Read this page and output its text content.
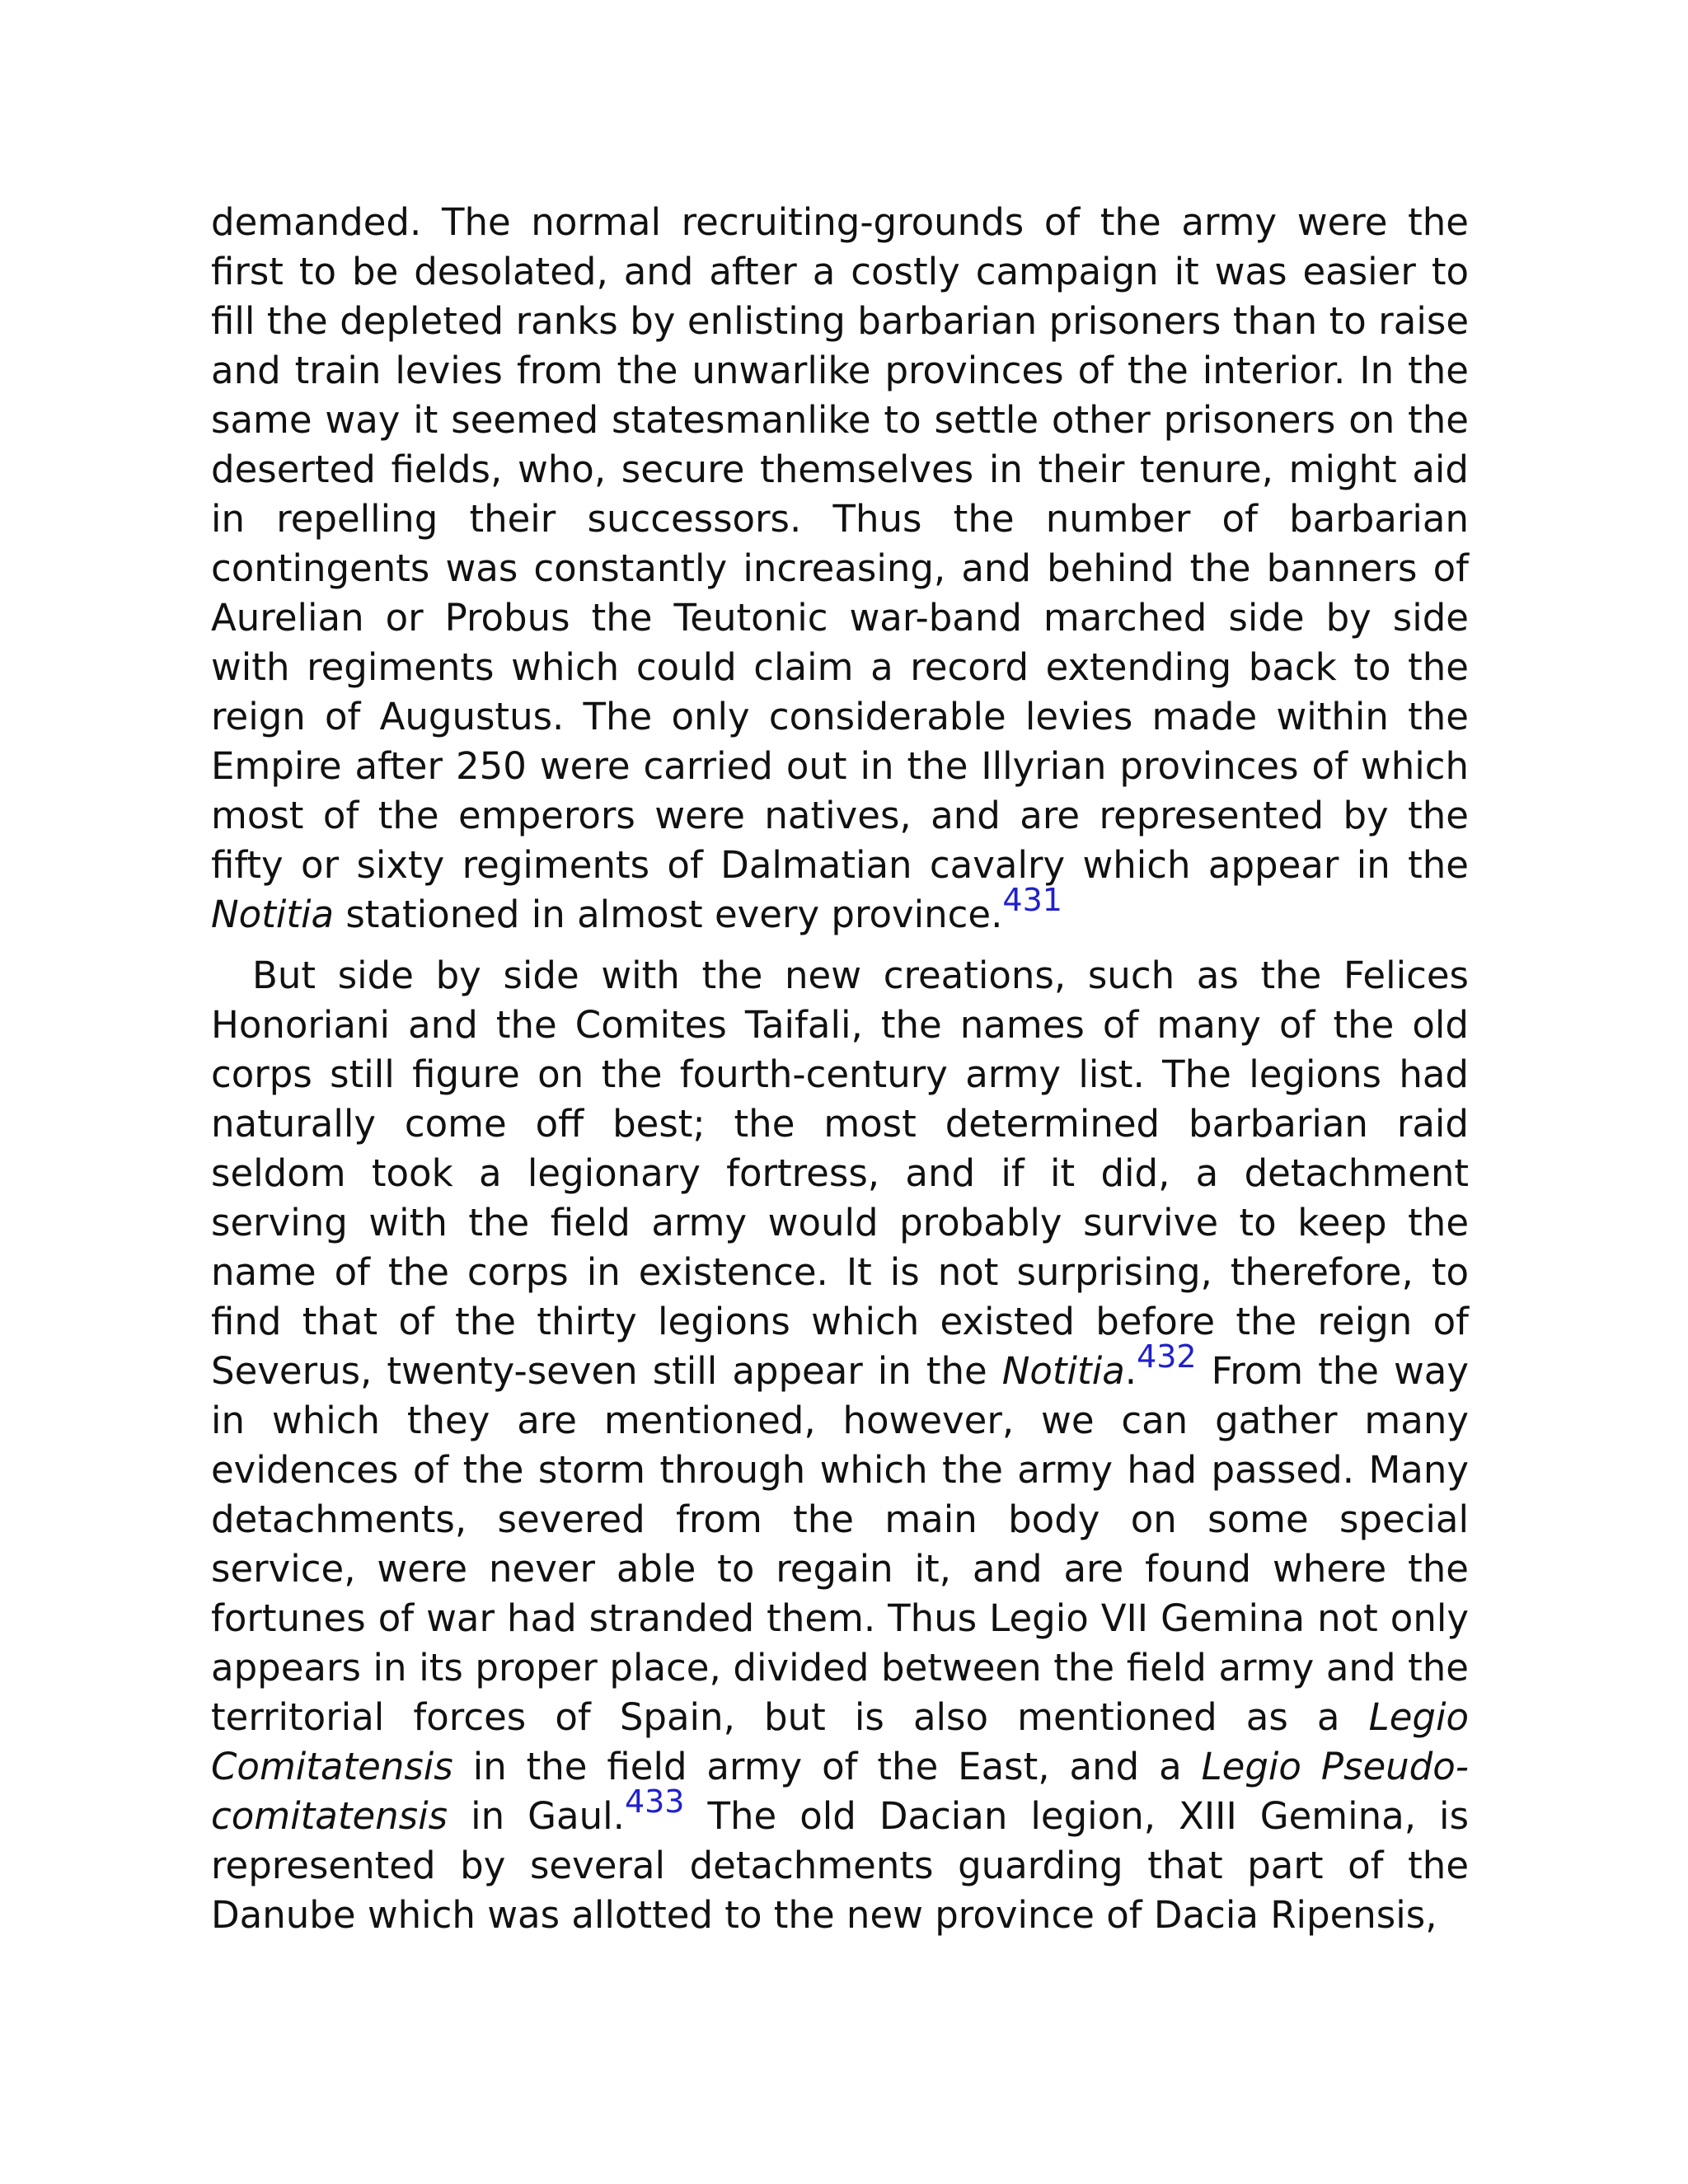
demanded. The normal recruiting-grounds of the army were the first to be desolated, and after a costly campaign it was easier to fill the depleted ranks by enlisting barbarian prisoners than to raise and train levies from the unwarlike provinces of the interior. In the same way it seemed statesmanlike to settle other prisoners on the deserted fields, who, secure themselves in their tenure, might aid in repelling their successors. Thus the number of barbarian contingents was constantly increasing, and behind the banners of Aurelian or Probus the Teutonic war-band marched side by side with regiments which could claim a record extending back to the reign of Augustus. The only considerable levies made within the Empire after 250 were carried out in the Illyrian provinces of which most of the emperors were natives, and are represented by the fifty or sixty regiments of Dalmatian cavalry which appear in the Notitia stationed in almost every province.$^{431}$

But side by side with the new creations, such as the Felices Honoriani and the Comites Taifali, the names of many of the old corps still figure on the fourth-century army list. The legions had naturally come off best; the most determined barbarian raid seldom took a legionary fortress, and if it did, a detachment serving with the field army would probably survive to keep the name of the corps in existence. It is not surprising, therefore, to find that of the thirty legions which existed before the reign of Severus, twenty-seven still appear in the Notitia.$^{432}$ From the way in which they are mentioned, however, we can gather many evidences of the storm through which the army had passed. Many detachments, severed from the main body on some special service, were never able to regain it, and are found where the fortunes of war had stranded them. Thus Legio VII Gemina not only appears in its proper place, divided between the field army and the territorial forces of Spain, but is also mentioned as a Legio Comitatensis in the field army of the East, and a Legio Pseudo-comitatensis in Gaul.$^{433}$ The old Dacian legion, XIII Gemina, is represented by several detachments guarding that part of the Danube which was allotted to the new province of Dacia Ripensis,
